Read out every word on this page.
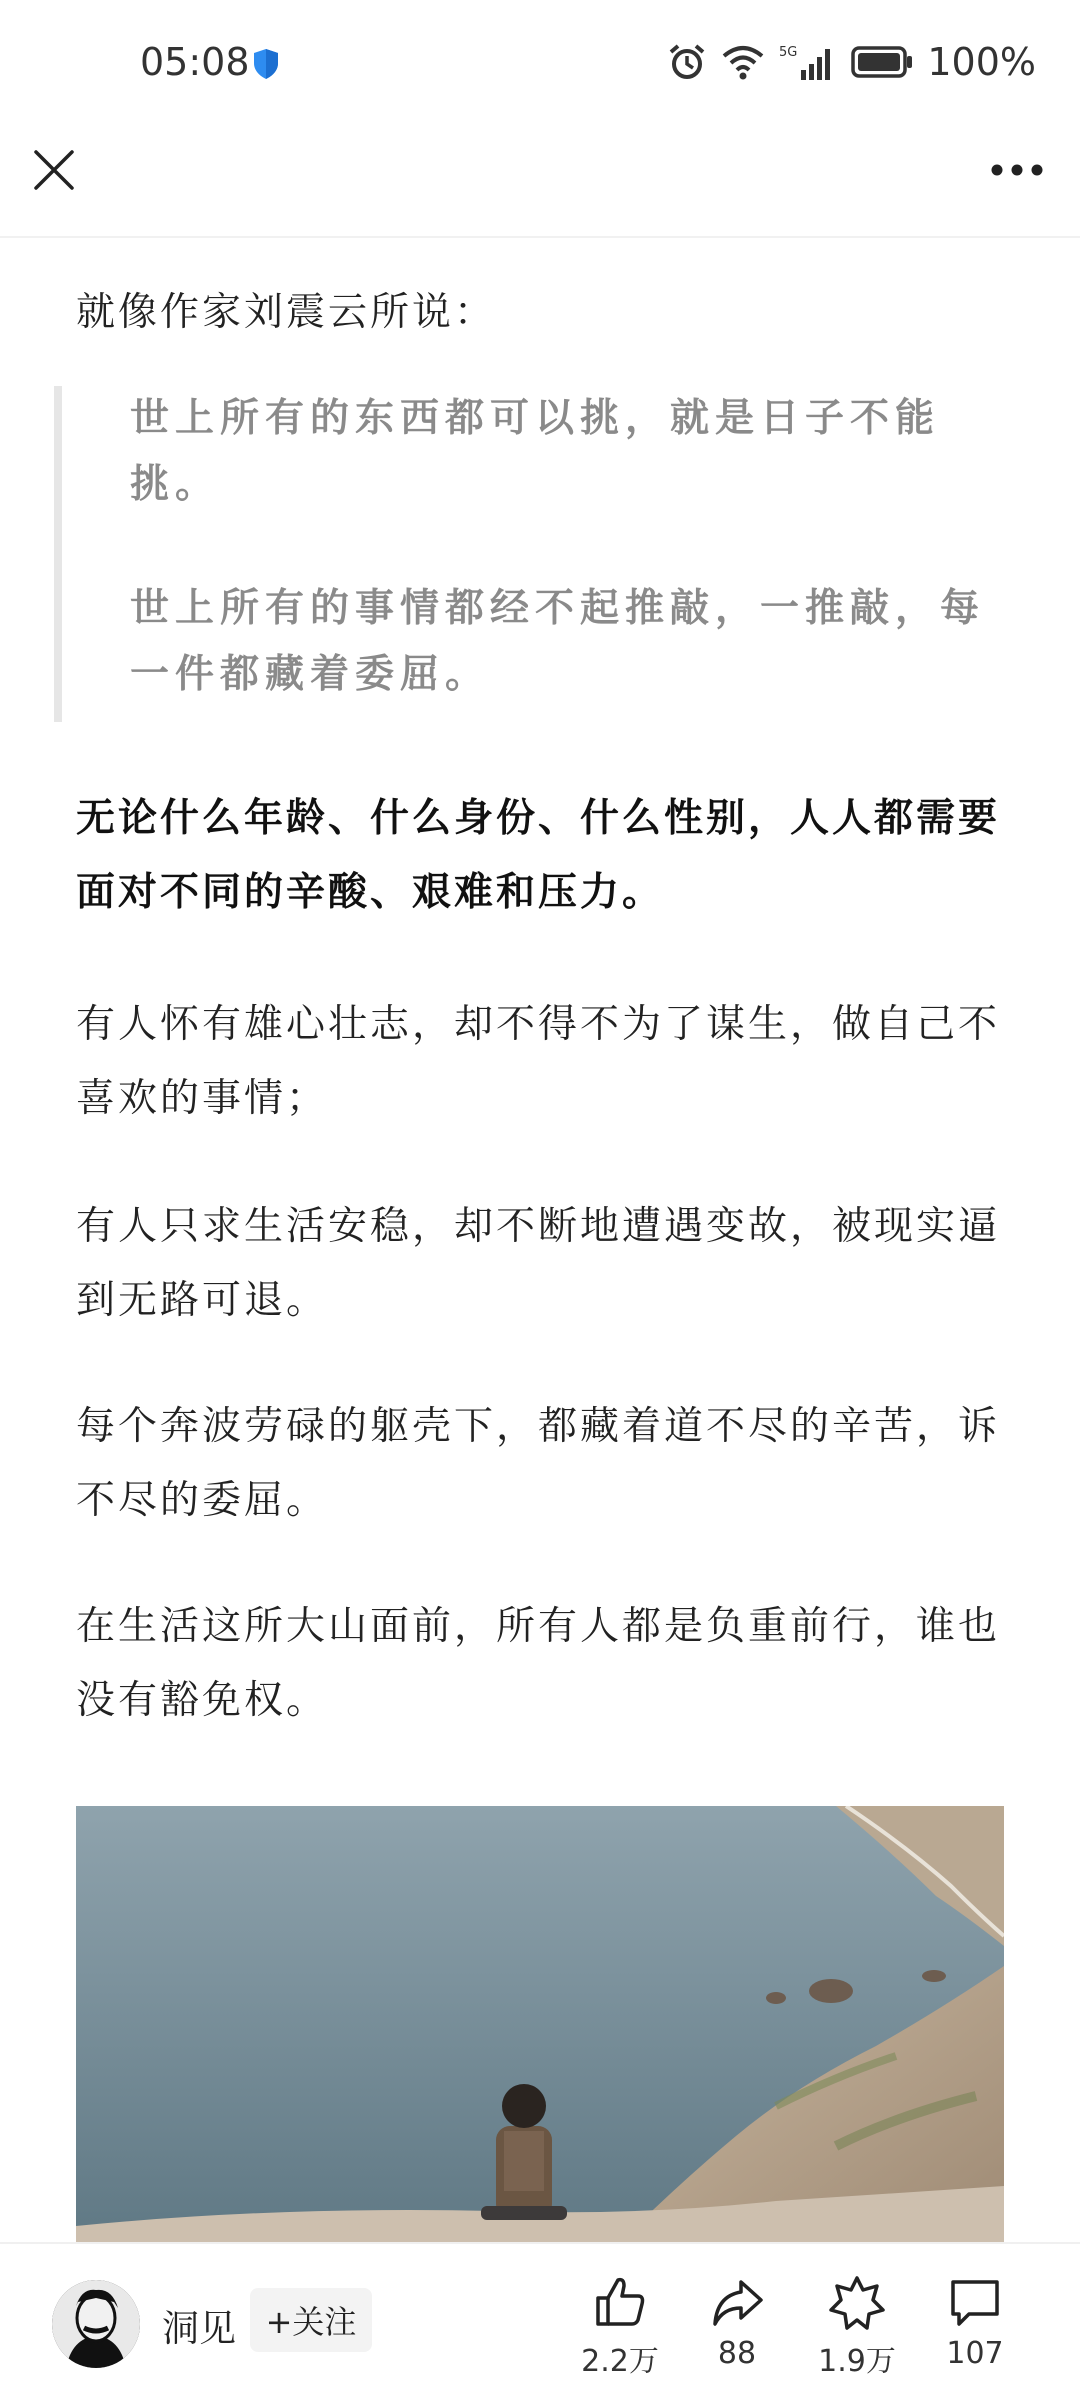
05:08	5G	100%

就像作家刘震云所说：

世上所有的东西都可以挑，就是日子不能挑。

世上所有的事情都经不起推敲，一推敲，每一件都藏着委屈。

无论什么年龄、什么身份、什么性别，人人都需要面对不同的辛酸、艰难和压力。

有人怀有雄心壮志，却不得不为了谋生，做自己不喜欢的事情；

有人只求生活安稳，却不断地遭遇变故，被现实逼到无路可退。

每个奔波劳碌的躯壳下，都藏着道不尽的辛苦，诉不尽的委屈。

在生活这所大山面前，所有人都是负重前行，谁也没有豁免权。

洞见 +关注
2.2万 88 1.9万 107
